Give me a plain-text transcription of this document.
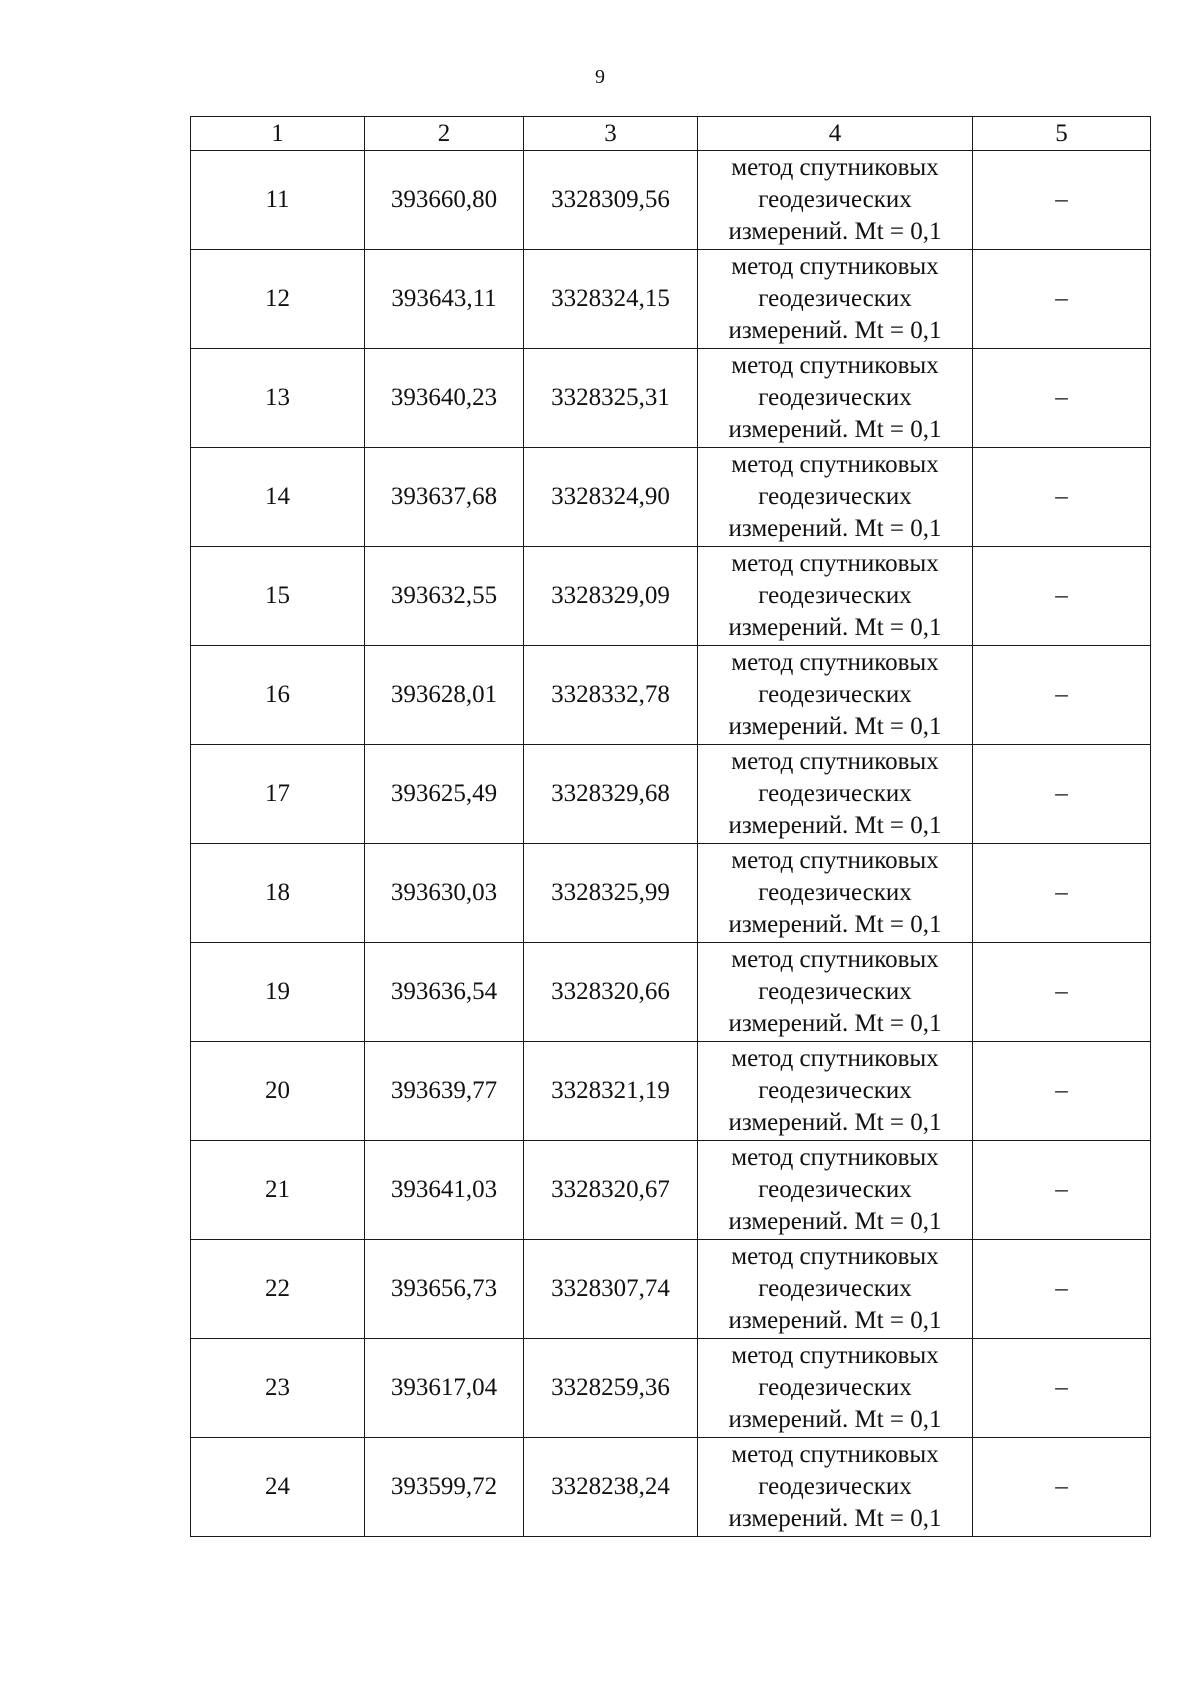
9
1	2	3	4	5
11	393660,80	3328309,56	метод спутниковых
геодезических
измерений. Mt = 0,1	–
12	393643,11	3328324,15	метод спутниковых
геодезических
измерений. Mt = 0,1	–
13	393640,23	3328325,31	метод спутниковых
геодезических
измерений. Mt = 0,1	–
14	393637,68	3328324,90	метод спутниковых
геодезических
измерений. Mt = 0,1	–
15	393632,55	3328329,09	метод спутниковых
геодезических
измерений. Mt = 0,1	–
16	393628,01	3328332,78	метод спутниковых
геодезических
измерений. Mt = 0,1	–
17	393625,49	3328329,68	метод спутниковых
геодезических
измерений. Mt = 0,1	–
18	393630,03	3328325,99	метод спутниковых
геодезических
измерений. Mt = 0,1	–
19	393636,54	3328320,66	метод спутниковых
геодезических
измерений. Mt = 0,1	–
20	393639,77	3328321,19	метод спутниковых
геодезических
измерений. Mt = 0,1	–
21	393641,03	3328320,67	метод спутниковых
геодезических
измерений. Mt = 0,1	–
22	393656,73	3328307,74	метод спутниковых
геодезических
измерений. Mt = 0,1	–
23	393617,04	3328259,36	метод спутниковых
геодезических
измерений. Mt = 0,1	–
24	393599,72	3328238,24	метод спутниковых
геодезических
измерений. Mt = 0,1	–
